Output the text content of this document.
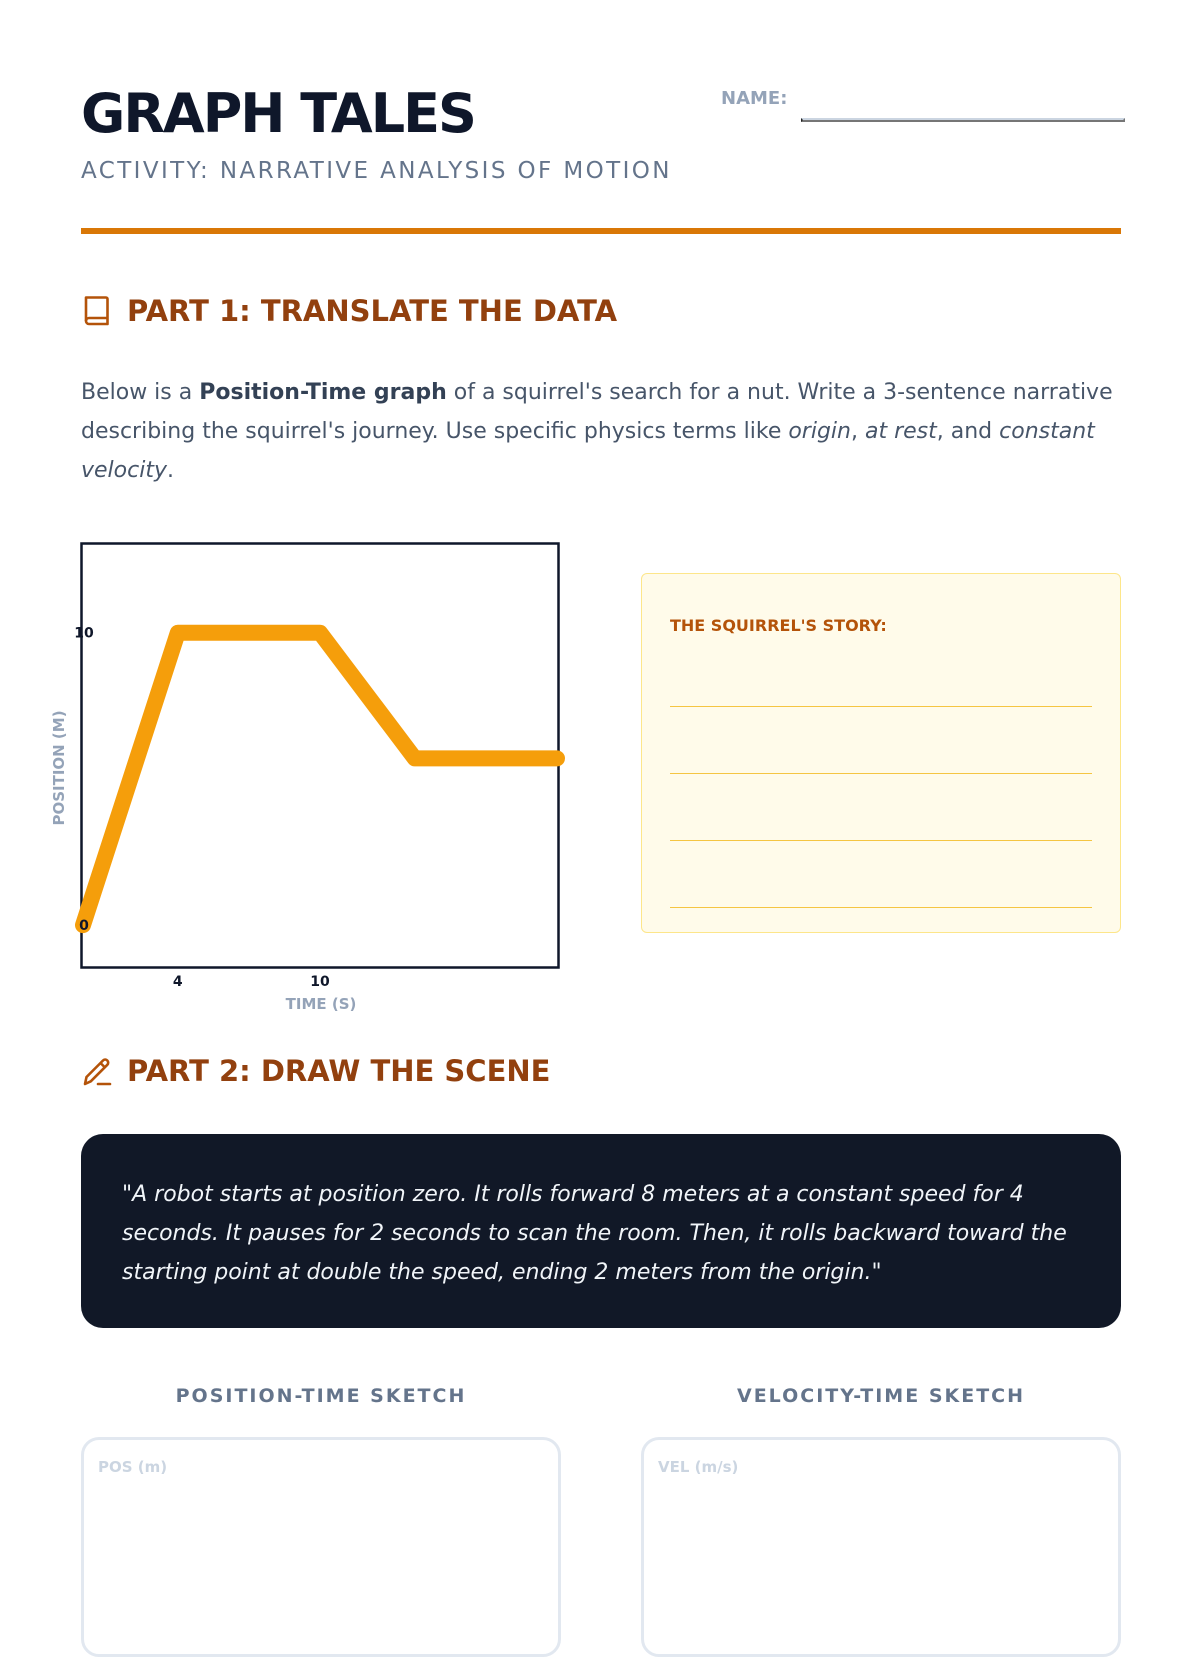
GRAPH TALES
ACTIVITY: NARRATIVE ANALYSIS OF MOTION
NAME:
PART 1: TRANSLATE THE DATA

Below is a Position-Time graph of a squirrel's search for a nut. Write a 3-sentence narrative describing the squirrel's journey. Use specific physics terms like origin, at rest, and constant velocity.

4	10
0
10
TIME (S)
POSITION (M)
THE SQUIRREL'S STORY:
PART 2: DRAW THE SCENE

"A robot starts at position zero. It rolls forward 8 meters at a constant speed for 4 seconds. It pauses for 2 seconds to scan the room. Then, it rolls backward toward the starting point at double the speed, ending 2 meters from the origin."

POSITION-TIME SKETCH	VELOCITY-TIME SKETCH
POS (m)	VEL (m/s)
